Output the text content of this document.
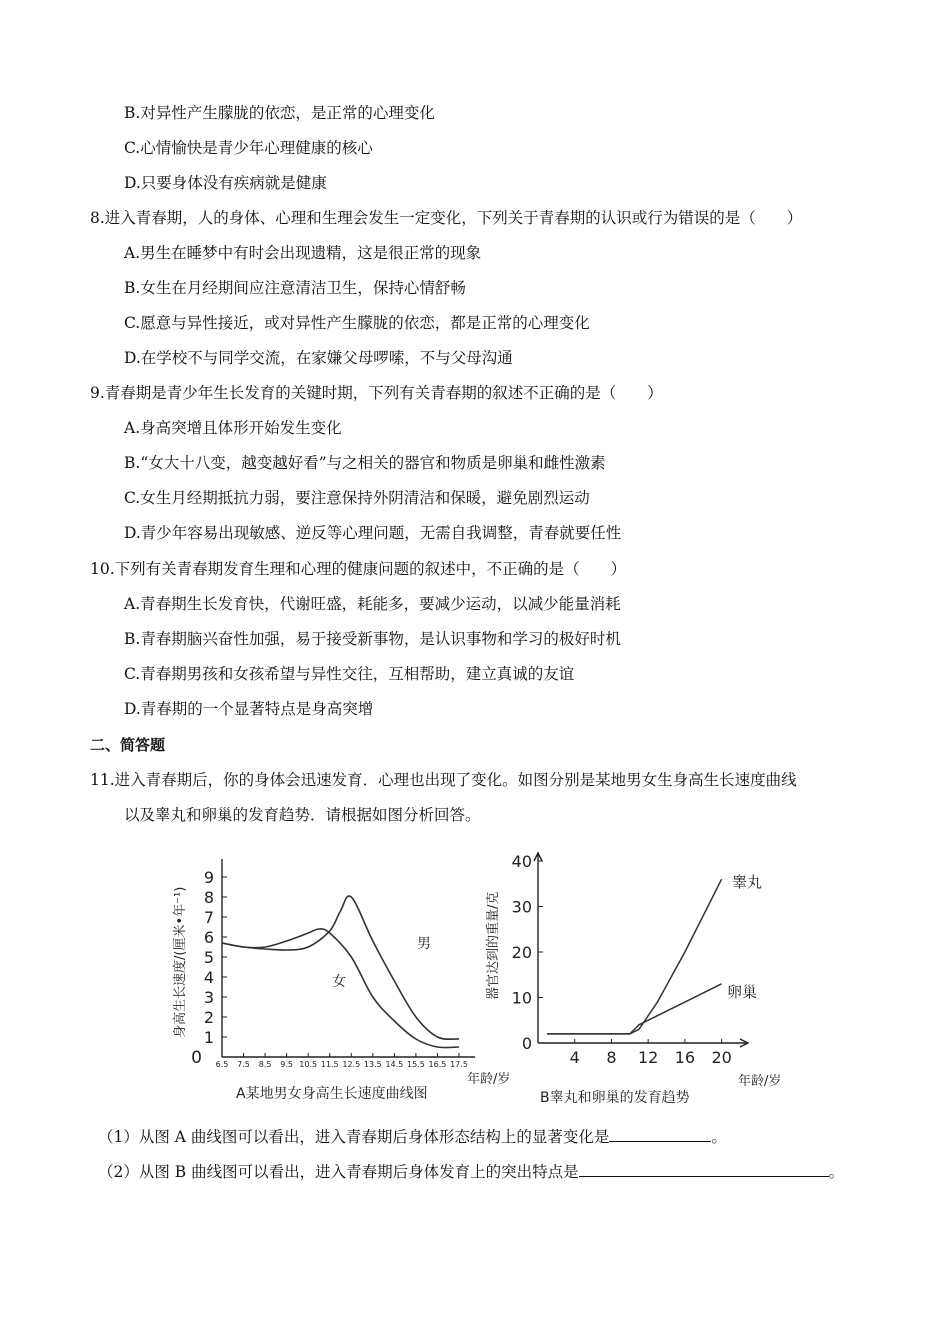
B.对异性产生朦胧的依恋，是正常的心理变化
C.心情愉快是青少年心理健康的核心
D.只要身体没有疾病就是健康
8.进入青春期，人的身体、心理和生理会发生一定变化，下列关于青春期的认识或行为错误的是（　　）
A.男生在睡梦中有时会出现遗精，这是很正常的现象
B.女生在月经期间应注意清洁卫生，保持心情舒畅
C.愿意与异性接近，或对异性产生朦胧的依恋，都是正常的心理变化
D.在学校不与同学交流，在家嫌父母啰嗦，不与父母沟通
9.青春期是青少年生长发育的关键时期，下列有关青春期的叙述不正确的是（　　）
A.身高突增且体形开始发生变化
B.“女大十八变，越变越好看”与之相关的器官和物质是卵巢和雌性激素
C.女生月经期抵抗力弱，要注意保持外阴清洁和保暖，避免剧烈运动
D.青少年容易出现敏感、逆反等心理问题，无需自我调整，青春就要任性
10.下列有关青春期发育生理和心理的健康问题的叙述中，不正确的是（　　）
A.青春期生长发育快，代谢旺盛，耗能多，要减少运动，以减少能量消耗
B.青春期脑兴奋性加强，易于接受新事物，是认识事物和学习的极好时机
C.青春期男孩和女孩希望与异性交往，互相帮助，建立真诚的友谊
D.青春期的一个显著特点是身高突增
二、简答题
11.进入青春期后，你的身体会迅速发育．心理也出现了变化。如图分别是某地男女生身高生长速度曲线
以及睾丸和卵巢的发育趋势．请根据如图分析回答。
0
1
2
3
4
5
6
7
8
9
6.5 7.5 8.5 9.5 10.5 11.5 12.5 13.5 14.5 15.5 16.5 17.5
男
女
身高生长速度/(厘米•年⁻¹)
A某地男女身高生长速度曲线图
年龄/岁
0
10
20
30
40
4 8 12 16 20
睾丸
卵巢
器官达到的重量/克
B睾丸和卵巢的发育趋势
年龄/岁
（1）从图 A 曲线图可以看出，进入青春期后身体形态结构上的显著变化是	。
（2）从图 B 曲线图可以看出，进入青春期后身体发育上的突出特点是	。
